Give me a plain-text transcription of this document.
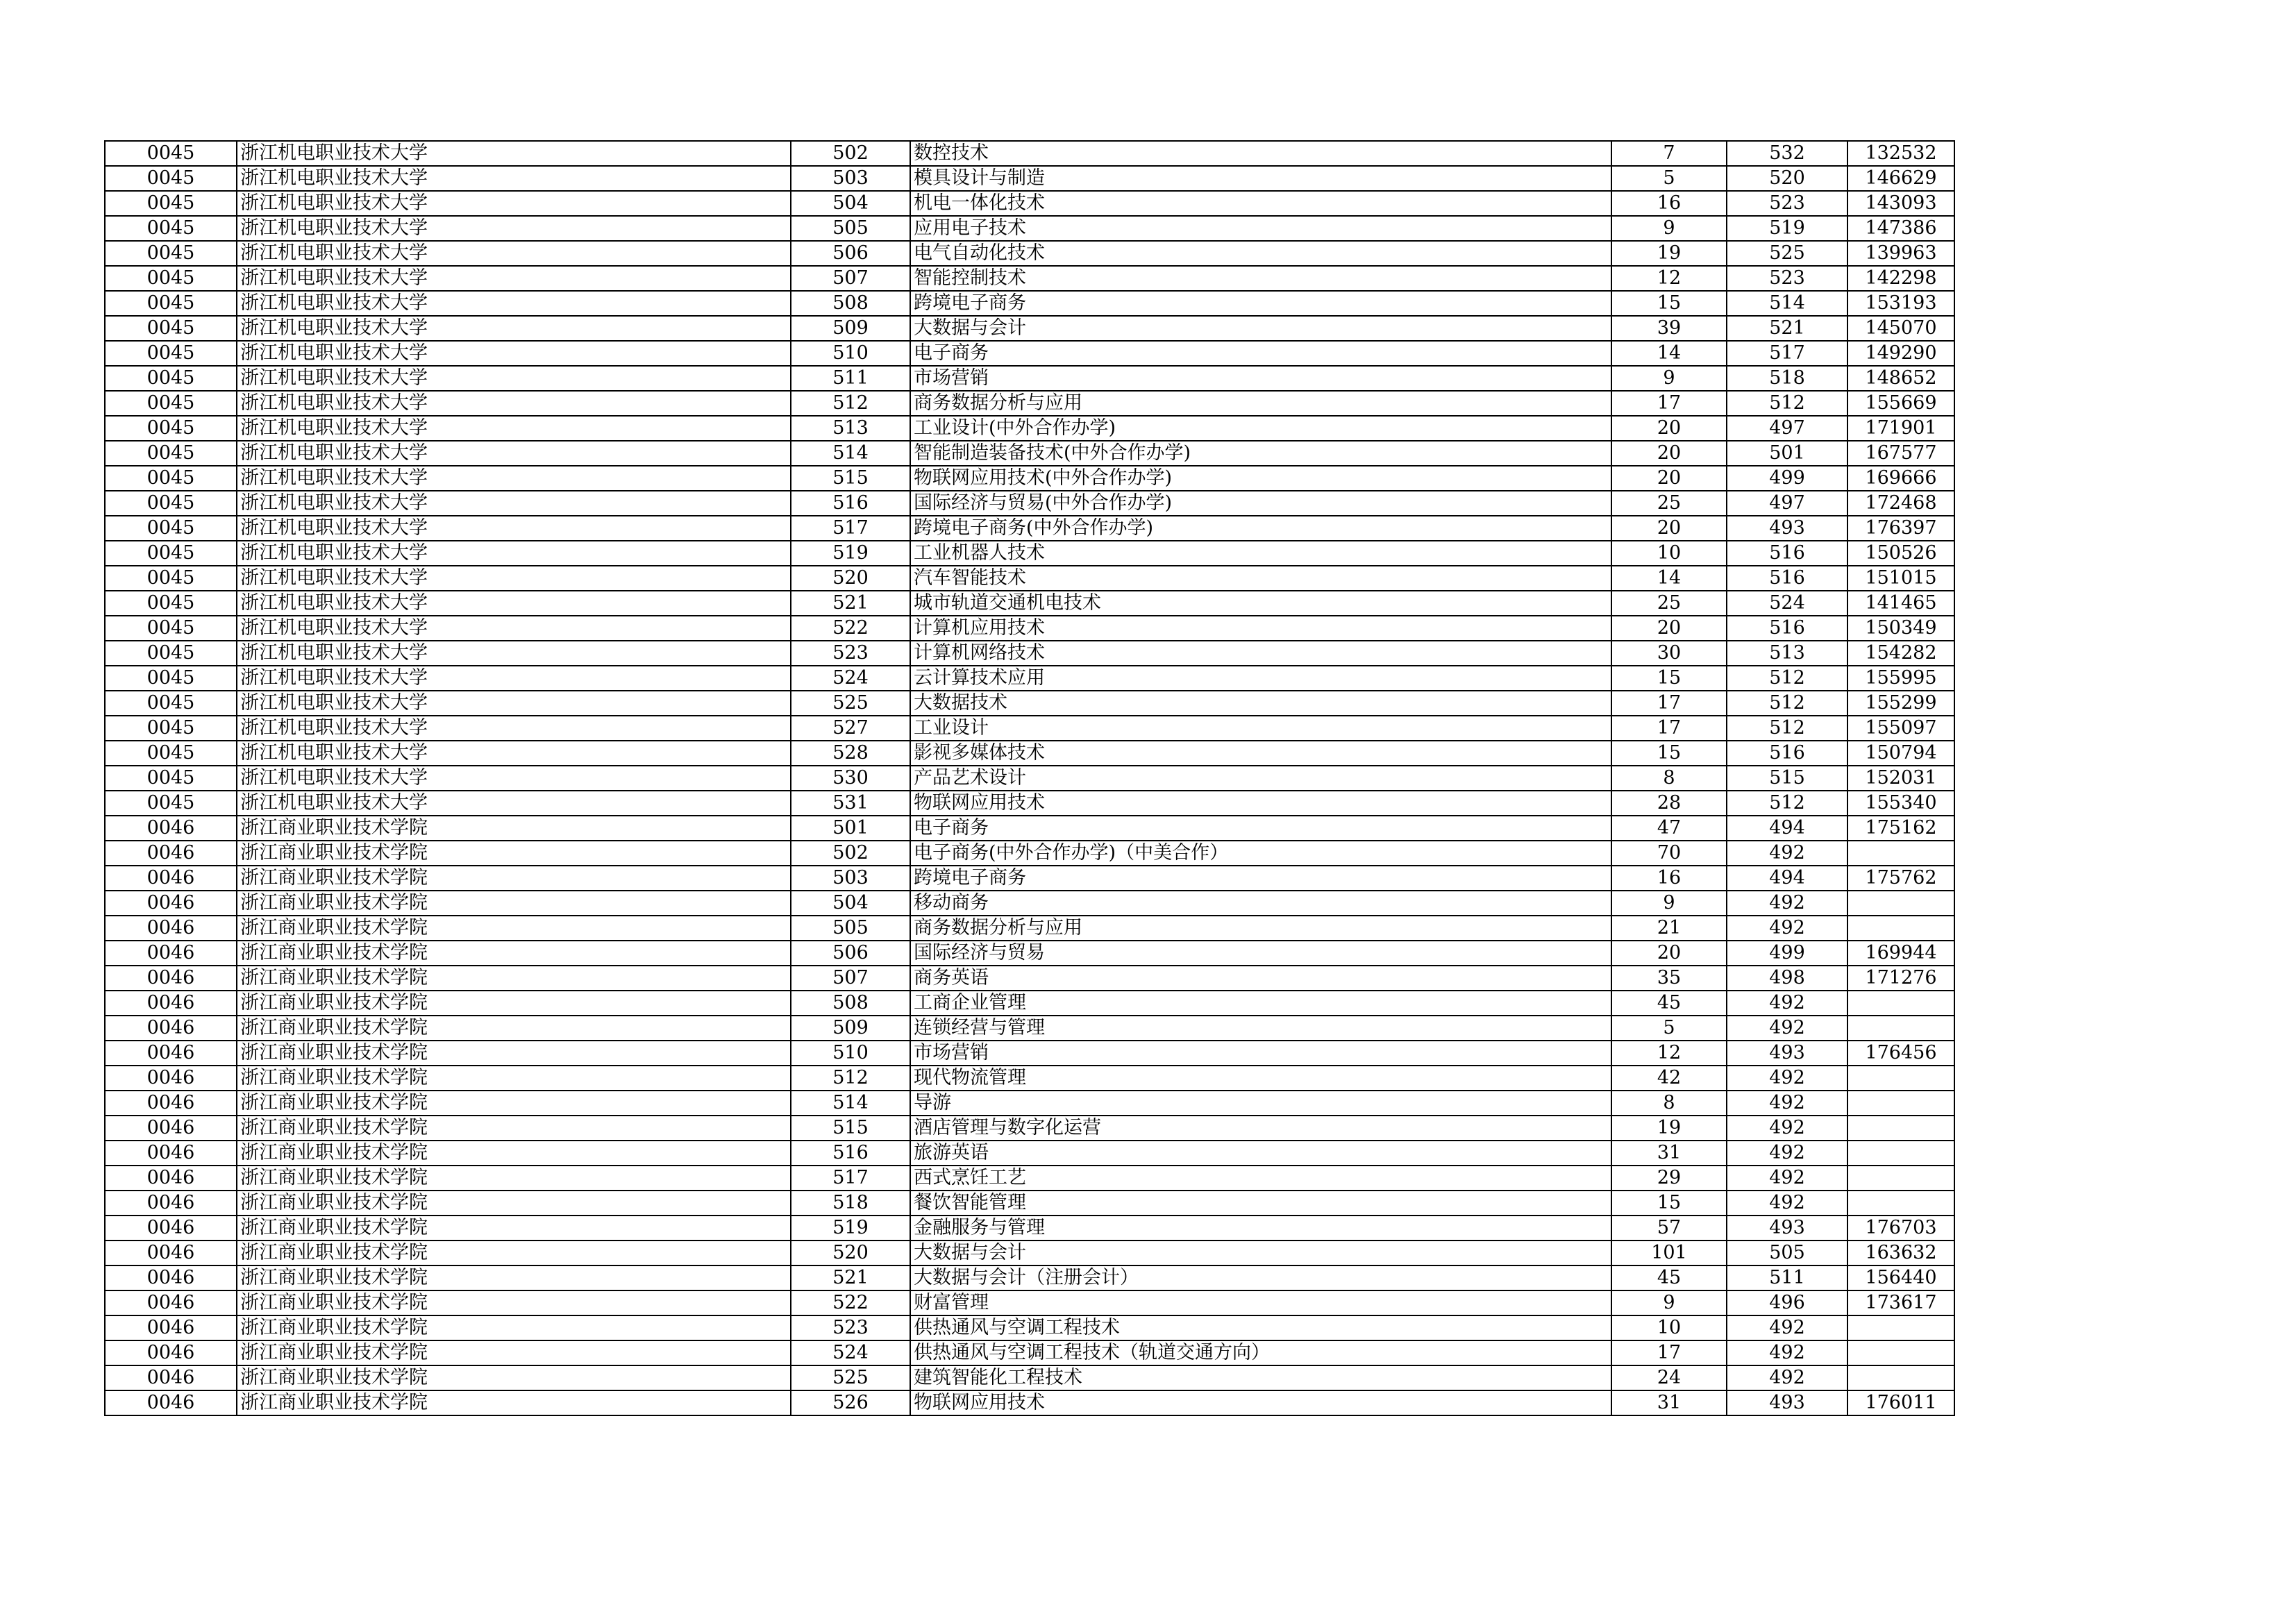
0045	浙江机电职业技术大学	502	数控技术	7	532	132532
0045	浙江机电职业技术大学	503	模具设计与制造	5	520	146629
0045	浙江机电职业技术大学	504	机电一体化技术	16	523	143093
0045	浙江机电职业技术大学	505	应用电子技术	9	519	147386
0045	浙江机电职业技术大学	506	电气自动化技术	19	525	139963
0045	浙江机电职业技术大学	507	智能控制技术	12	523	142298
0045	浙江机电职业技术大学	508	跨境电子商务	15	514	153193
0045	浙江机电职业技术大学	509	大数据与会计	39	521	145070
0045	浙江机电职业技术大学	510	电子商务	14	517	149290
0045	浙江机电职业技术大学	511	市场营销	9	518	148652
0045	浙江机电职业技术大学	512	商务数据分析与应用	17	512	155669
0045	浙江机电职业技术大学	513	工业设计(中外合作办学)	20	497	171901
0045	浙江机电职业技术大学	514	智能制造装备技术(中外合作办学)	20	501	167577
0045	浙江机电职业技术大学	515	物联网应用技术(中外合作办学)	20	499	169666
0045	浙江机电职业技术大学	516	国际经济与贸易(中外合作办学)	25	497	172468
0045	浙江机电职业技术大学	517	跨境电子商务(中外合作办学)	20	493	176397
0045	浙江机电职业技术大学	519	工业机器人技术	10	516	150526
0045	浙江机电职业技术大学	520	汽车智能技术	14	516	151015
0045	浙江机电职业技术大学	521	城市轨道交通机电技术	25	524	141465
0045	浙江机电职业技术大学	522	计算机应用技术	20	516	150349
0045	浙江机电职业技术大学	523	计算机网络技术	30	513	154282
0045	浙江机电职业技术大学	524	云计算技术应用	15	512	155995
0045	浙江机电职业技术大学	525	大数据技术	17	512	155299
0045	浙江机电职业技术大学	527	工业设计	17	512	155097
0045	浙江机电职业技术大学	528	影视多媒体技术	15	516	150794
0045	浙江机电职业技术大学	530	产品艺术设计	8	515	152031
0045	浙江机电职业技术大学	531	物联网应用技术	28	512	155340
0046	浙江商业职业技术学院	501	电子商务	47	494	175162
0046	浙江商业职业技术学院	502	电子商务(中外合作办学)（中美合作）	70	492	
0046	浙江商业职业技术学院	503	跨境电子商务	16	494	175762
0046	浙江商业职业技术学院	504	移动商务	9	492	
0046	浙江商业职业技术学院	505	商务数据分析与应用	21	492	
0046	浙江商业职业技术学院	506	国际经济与贸易	20	499	169944
0046	浙江商业职业技术学院	507	商务英语	35	498	171276
0046	浙江商业职业技术学院	508	工商企业管理	45	492	
0046	浙江商业职业技术学院	509	连锁经营与管理	5	492	
0046	浙江商业职业技术学院	510	市场营销	12	493	176456
0046	浙江商业职业技术学院	512	现代物流管理	42	492	
0046	浙江商业职业技术学院	514	导游	8	492	
0046	浙江商业职业技术学院	515	酒店管理与数字化运营	19	492	
0046	浙江商业职业技术学院	516	旅游英语	31	492	
0046	浙江商业职业技术学院	517	西式烹饪工艺	29	492	
0046	浙江商业职业技术学院	518	餐饮智能管理	15	492	
0046	浙江商业职业技术学院	519	金融服务与管理	57	493	176703
0046	浙江商业职业技术学院	520	大数据与会计	101	505	163632
0046	浙江商业职业技术学院	521	大数据与会计（注册会计）	45	511	156440
0046	浙江商业职业技术学院	522	财富管理	9	496	173617
0046	浙江商业职业技术学院	523	供热通风与空调工程技术	10	492	
0046	浙江商业职业技术学院	524	供热通风与空调工程技术（轨道交通方向）	17	492	
0046	浙江商业职业技术学院	525	建筑智能化工程技术	24	492	
0046	浙江商业职业技术学院	526	物联网应用技术	31	493	176011
